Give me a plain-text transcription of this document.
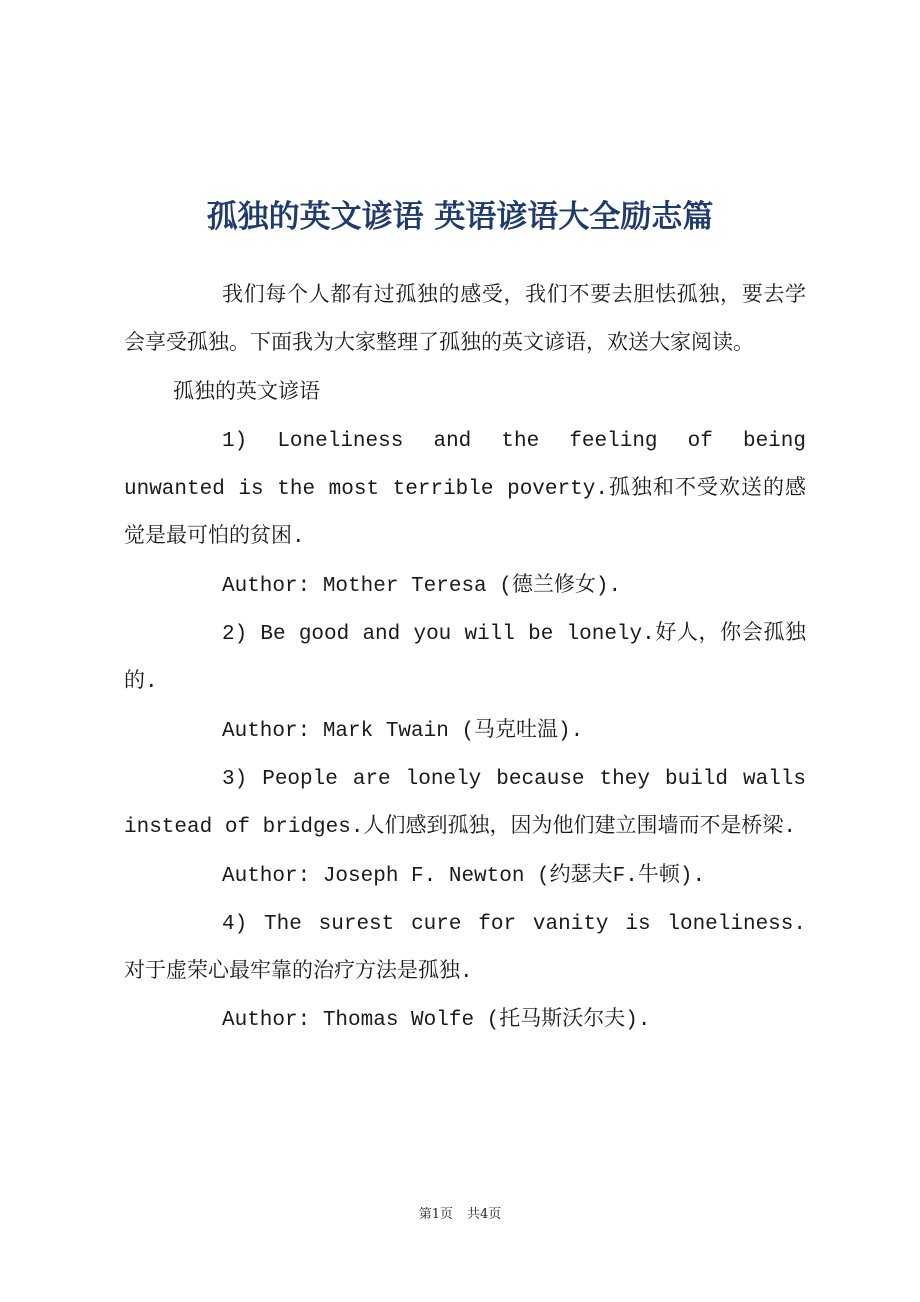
孤独的英文谚语 英语谚语大全励志篇

我们每个人都有过孤独的感受，我们不要去胆怯孤独，要去学会享受孤独。下面我为大家整理了孤独的英文谚语，欢送大家阅读。

孤独的英文谚语

1) Loneliness and the feeling of being unwanted is the most terrible poverty.孤独和不受欢送的感觉是最可怕的贫困.

Author: Mother Teresa (德兰修女).

2) Be good and you will be lonely.好人，你会孤独的.

Author: Mark Twain (马克吐温).

3) People are lonely because they build walls instead of bridges.人们感到孤独，因为他们建立围墙而不是桥梁.

Author: Joseph F. Newton (约瑟夫F.牛顿).

4) The surest cure for vanity is loneliness. 对于虚荣心最牢靠的治疗方法是孤独.

Author: Thomas Wolfe (托马斯沃尔夫).

第1页 共4页
